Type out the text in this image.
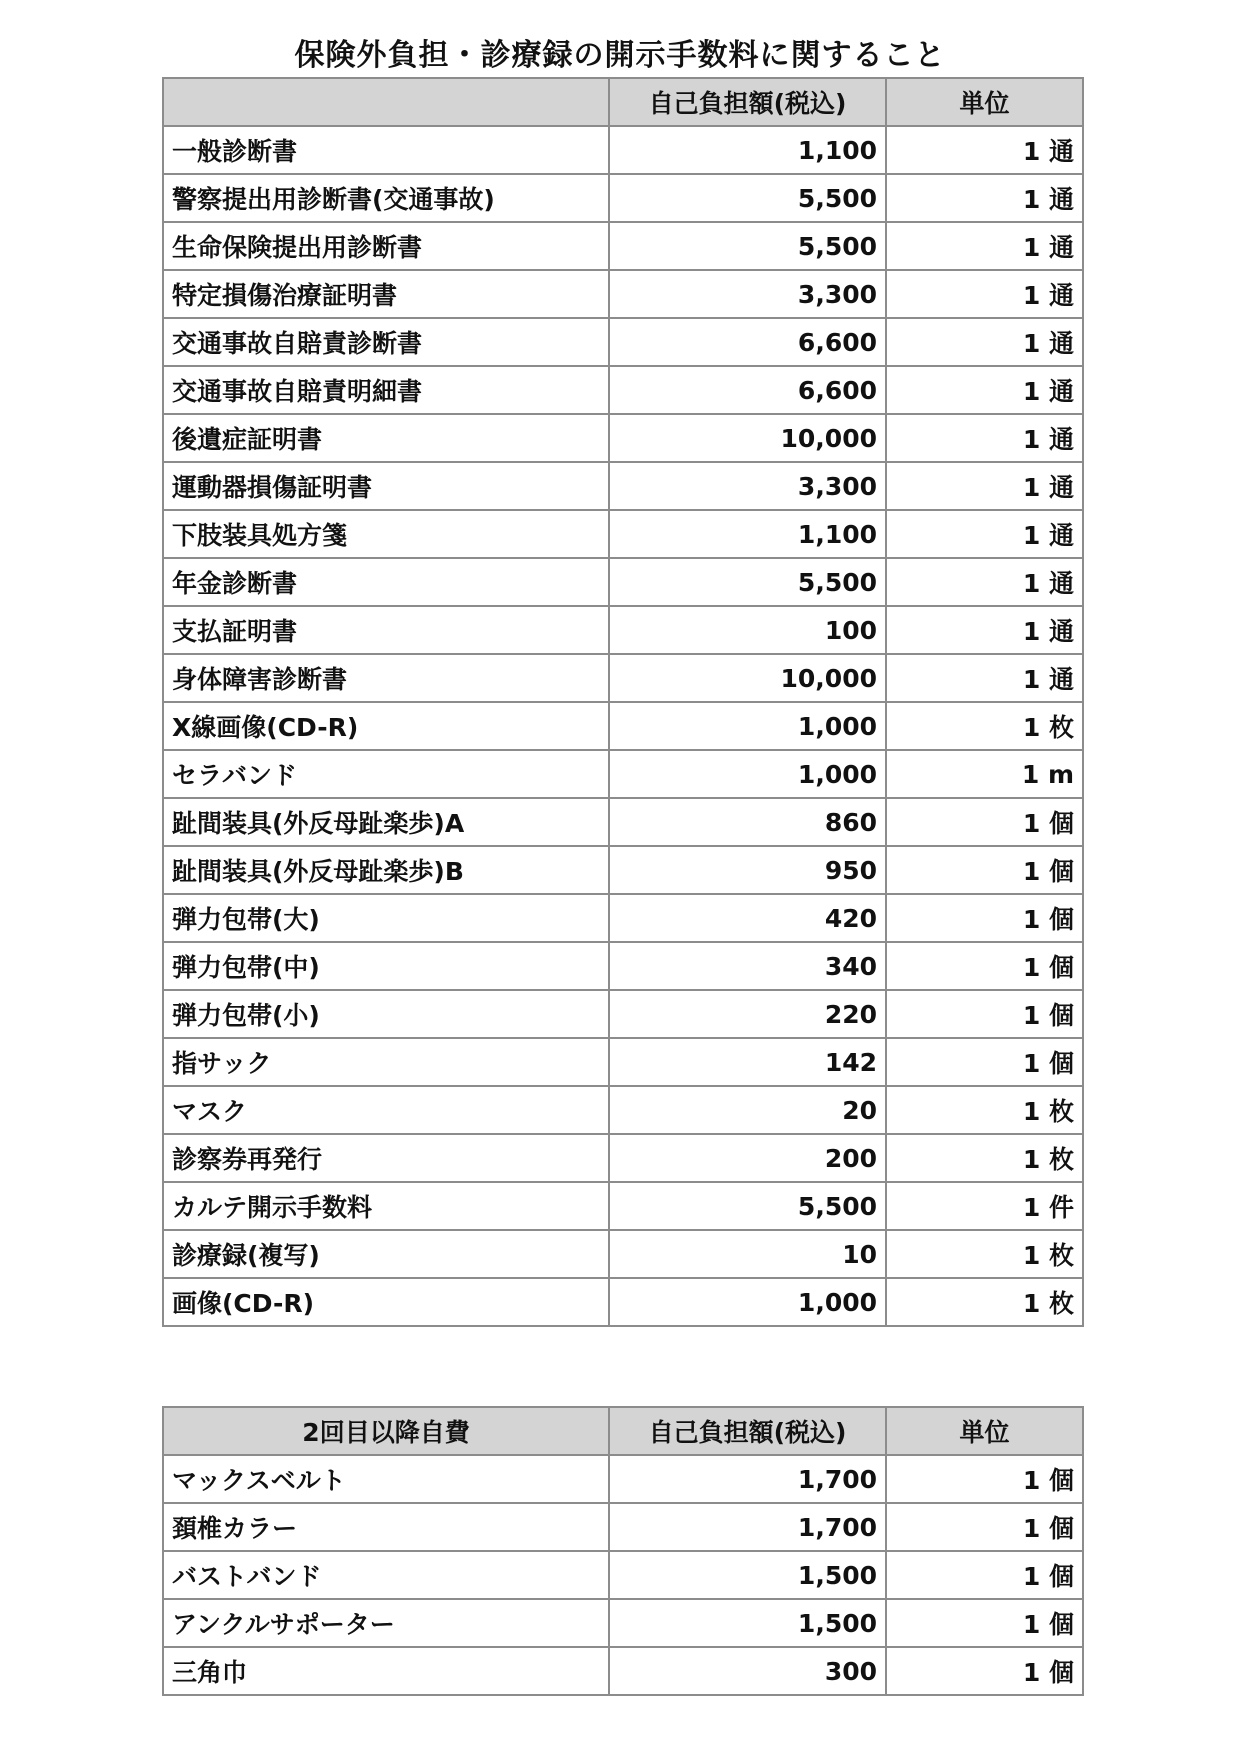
保険外負担・診療録の開示手数料に関すること
	自己負担額(税込)	単位
一般診断書	1,100	1 通
警察提出用診断書(交通事故)	5,500	1 通
生命保険提出用診断書	5,500	1 通
特定損傷治療証明書	3,300	1 通
交通事故自賠責診断書	6,600	1 通
交通事故自賠責明細書	6,600	1 通
後遺症証明書	10,000	1 通
運動器損傷証明書	3,300	1 通
下肢装具処方箋	1,100	1 通
年金診断書	5,500	1 通
支払証明書	100	1 通
身体障害診断書	10,000	1 通
X線画像(CD-R)	1,000	1 枚
セラバンド	1,000	1 m
趾間装具(外反母趾楽歩)A	860	1 個
趾間装具(外反母趾楽歩)B	950	1 個
弾力包帯(大)	420	1 個
弾力包帯(中)	340	1 個
弾力包帯(小)	220	1 個
指サック	142	1 個
マスク	20	1 枚
診察券再発行	200	1 枚
カルテ開示手数料	5,500	1 件
診療録(複写)	10	1 枚
画像(CD-R)	1,000	1 枚
2回目以降自費	自己負担額(税込)	単位
マックスベルト	1,700	1 個
頚椎カラー	1,700	1 個
バストバンド	1,500	1 個
アンクルサポーター	1,500	1 個
三角巾	300	1 個
